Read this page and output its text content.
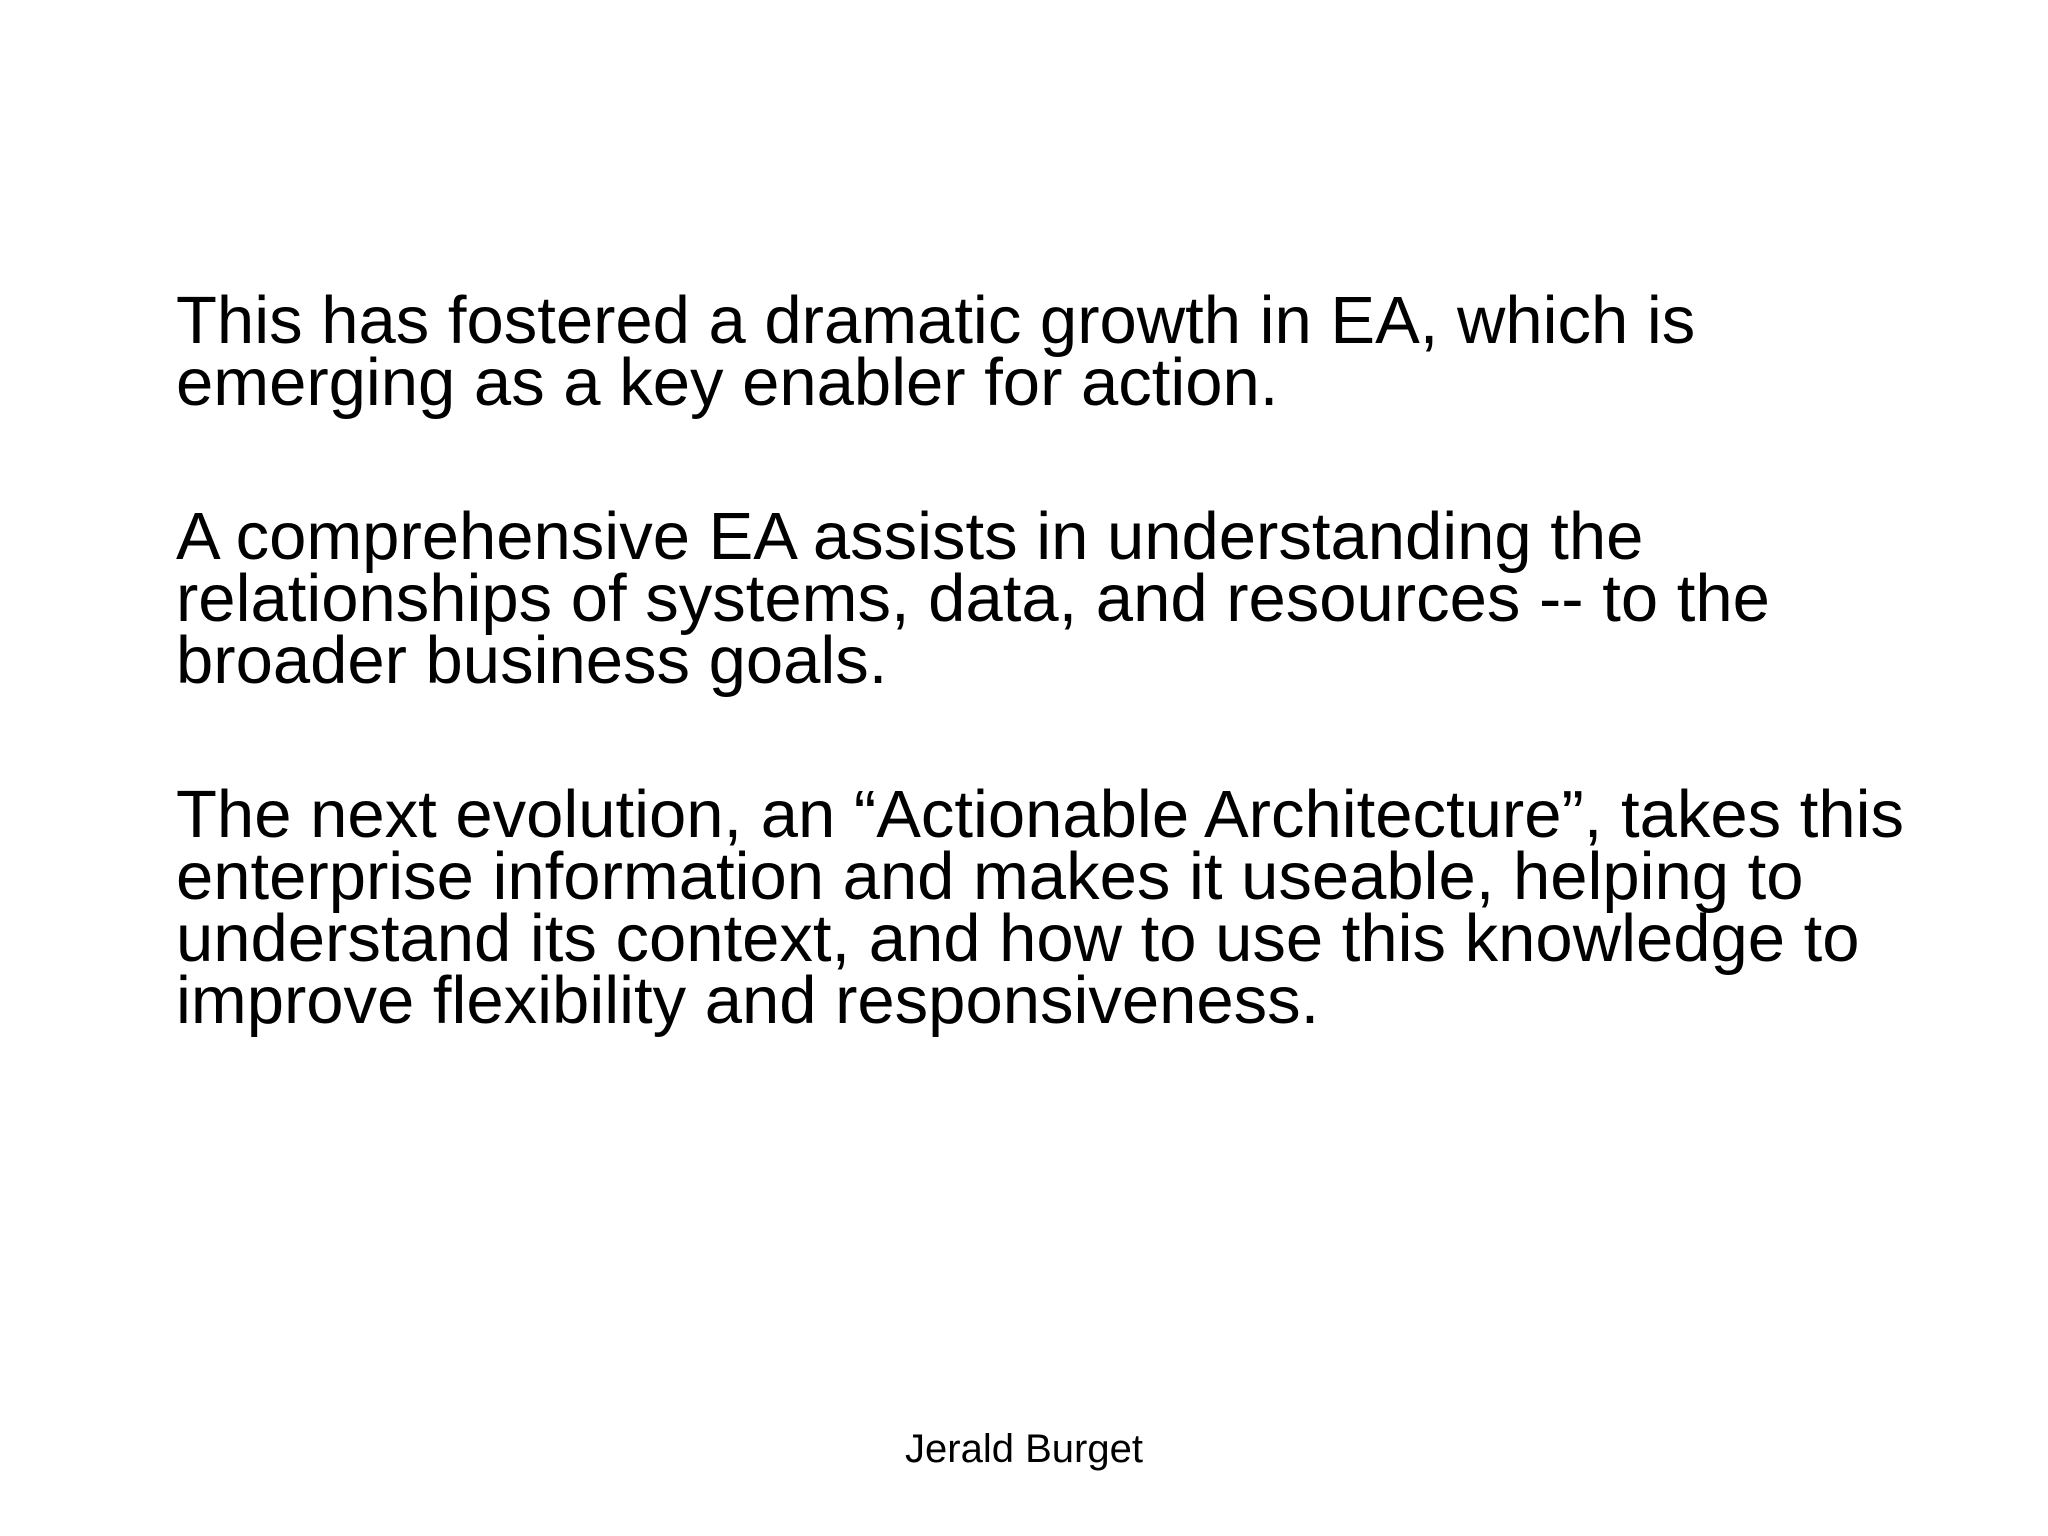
This has fostered a dramatic growth in EA, which is
emerging as a key enabler for action.

A comprehensive EA assists in understanding the
relationships of systems, data, and resources -- to the
broader business goals.

The next evolution, an “Actionable Architecture”, takes this
enterprise information and makes it useable, helping to
understand its context, and how to use this knowledge to
improve flexibility and responsiveness.

Jerald Burget
